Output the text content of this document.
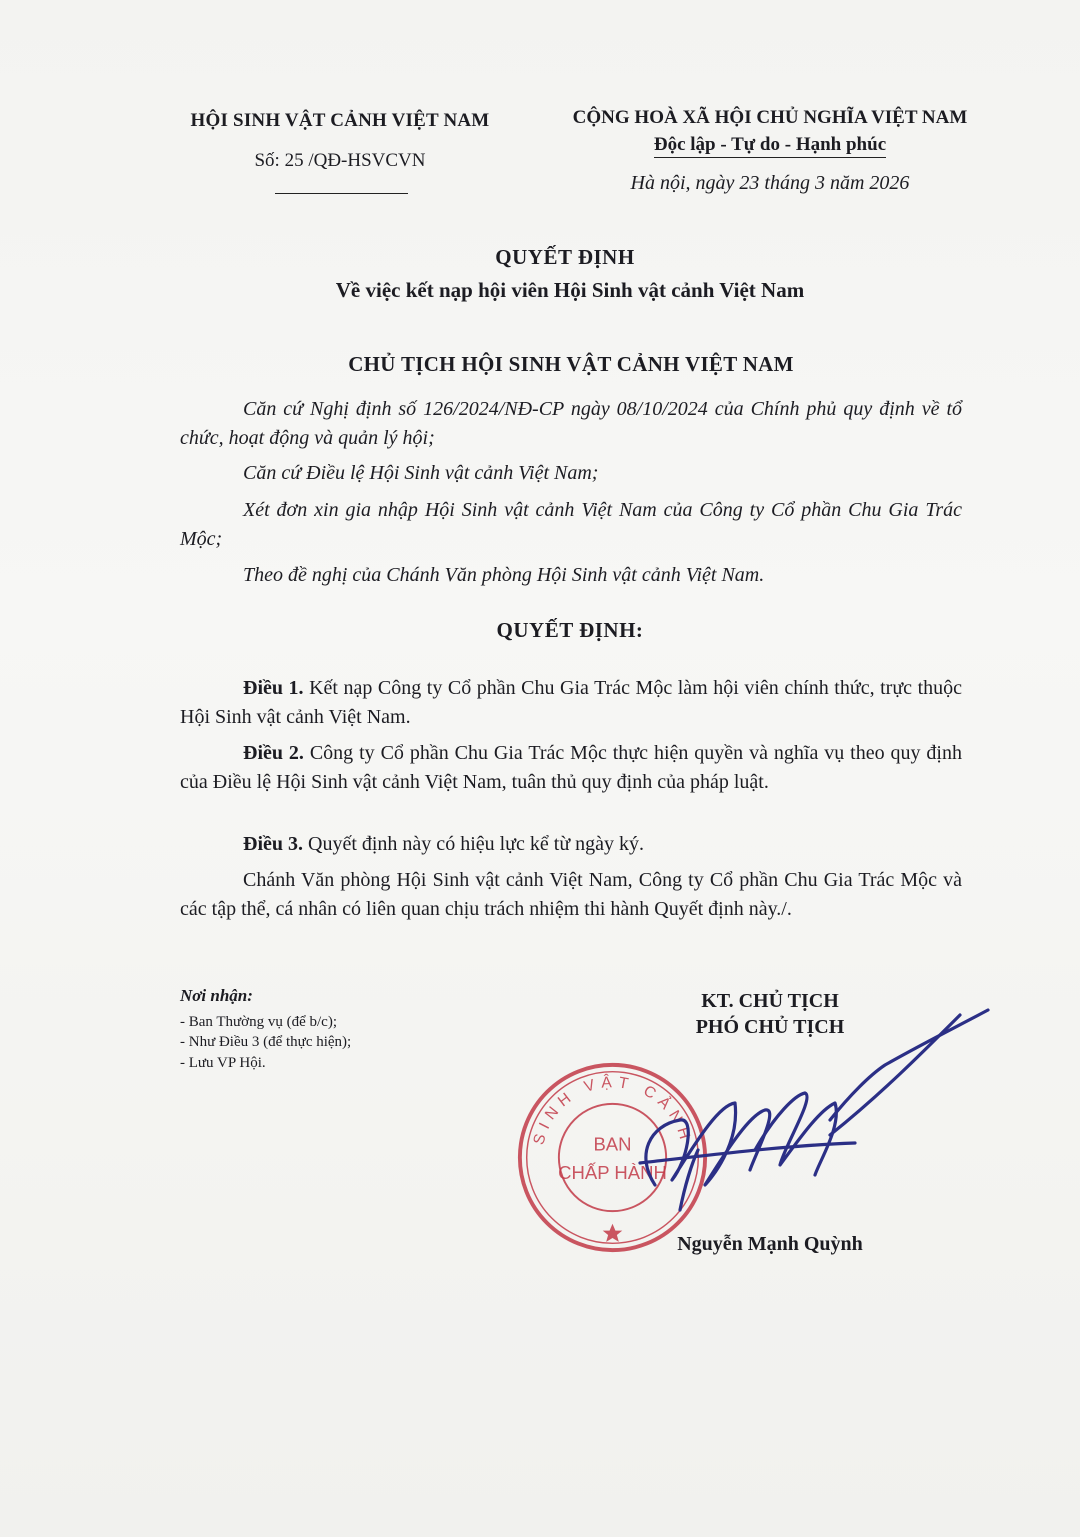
HỘI SINH VẬT CẢNH VIỆT NAM
Số: 25 /QĐ-HSVCVN
CỘNG HOÀ XÃ HỘI CHỦ NGHĨA VIỆT NAM
Độc lập - Tự do - Hạnh phúc
Hà nội, ngày 23 tháng 3 năm 2026
QUYẾT ĐỊNH
Về việc kết nạp hội viên Hội Sinh vật cảnh Việt Nam
CHỦ TỊCH HỘI SINH VẬT CẢNH VIỆT NAM
Căn cứ Nghị định số 126/2024/NĐ-CP ngày 08/10/2024 của Chính phủ quy định về tổ chức, hoạt động và quản lý hội;
Căn cứ Điều lệ Hội Sinh vật cảnh Việt Nam;
Xét đơn xin gia nhập Hội Sinh vật cảnh Việt Nam của Công ty Cổ phần Chu Gia Trác Mộc;
Theo đề nghị của Chánh Văn phòng Hội Sinh vật cảnh Việt Nam.
QUYẾT ĐỊNH:
Điều 1. Kết nạp Công ty Cổ phần Chu Gia Trác Mộc làm hội viên chính thức, trực thuộc Hội Sinh vật cảnh Việt Nam.
Điều 2. Công ty Cổ phần Chu Gia Trác Mộc thực hiện quyền và nghĩa vụ theo quy định của Điều lệ Hội Sinh vật cảnh Việt Nam, tuân thủ quy định của pháp luật.
Điều 3. Quyết định này có hiệu lực kể từ ngày ký.
Chánh Văn phòng Hội Sinh vật cảnh Việt Nam, Công ty Cổ phần Chu Gia Trác Mộc và các tập thể, cá nhân có liên quan chịu trách nhiệm thi hành Quyết định này./.
Nơi nhận:
- Ban Thường vụ (để b/c);
- Như Điều 3 (để thực hiện);
- Lưu VP Hội.
KT. CHỦ TỊCH
PHÓ CHỦ TỊCH
SINH VẬT CẢNH
BAN
CHẤP HÀNH
Nguyễn Mạnh Quỳnh
